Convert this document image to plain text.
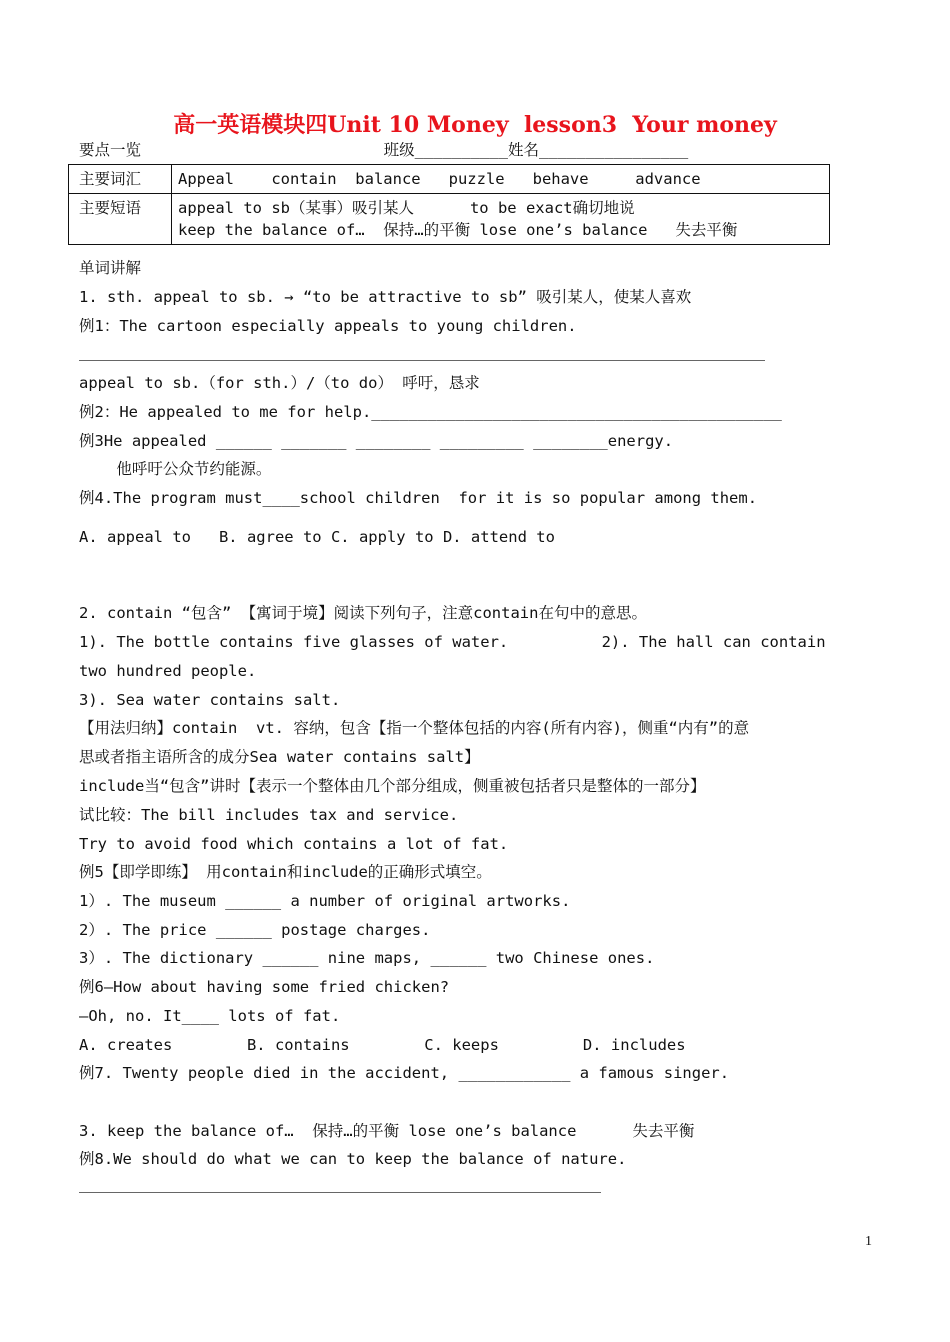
高一英语模块四Unit 10 Money  lesson3  Your money
要点一览                          班级__________姓名________________
主要词汇	Appeal    contain  balance   puzzle   behave     advance
主要短语	appeal to sb（某事）吸引某人      to be exact确切地说
keep the balance of…  保持…的平衡 lose one’s balance   失去平衡
单词讲解
1. sth. appeal to sb. → “to be attractive to sb” 吸引某人，使某人喜欢
例1：The cartoon especially appeals to young children.
appeal to sb.（for sth.）/（to do） 呼吁，恳求
例2：He appealed to me for help.____________________________________________
例3He appealed ______ _______ ________ _________ ________energy.
他呼吁公众节约能源。
例4.The program must____school children  for it is so popular among them.
A. appeal to   B. agree to C. apply to D. attend to
2. contain “包含” 【寓词于境】阅读下列句子，注意contain在句中的意思。
1). The bottle contains five glasses of water.          2). The hall can contain
two hundred people.
3). Sea water contains salt.
【用法归纳】contain  vt. 容纳，包含【指一个整体包括的内容(所有内容)，侧重“内有”的意
思或者指主语所含的成分Sea water contains salt】
include当“包含”讲时【表示一个整体由几个部分组成，侧重被包括者只是整体的一部分】
试比较：The bill includes tax and service.
Try to avoid food which contains a lot of fat.
例5【即学即练】 用contain和include的正确形式填空。
1）. The museum ______ a number of original artworks.
2）. The price ______ postage charges.
3）. The dictionary ______ nine maps, ______ two Chinese ones.
例6—How about having some fried chicken?
—Oh, no. It____ lots of fat.
A. creates        B. contains        C. keeps         D. includes
例7. Twenty people died in the accident, ____________ a famous singer.
3. keep the balance of…  保持…的平衡 lose one’s balance      失去平衡
例8.We should do what we can to keep the balance of nature.
1
